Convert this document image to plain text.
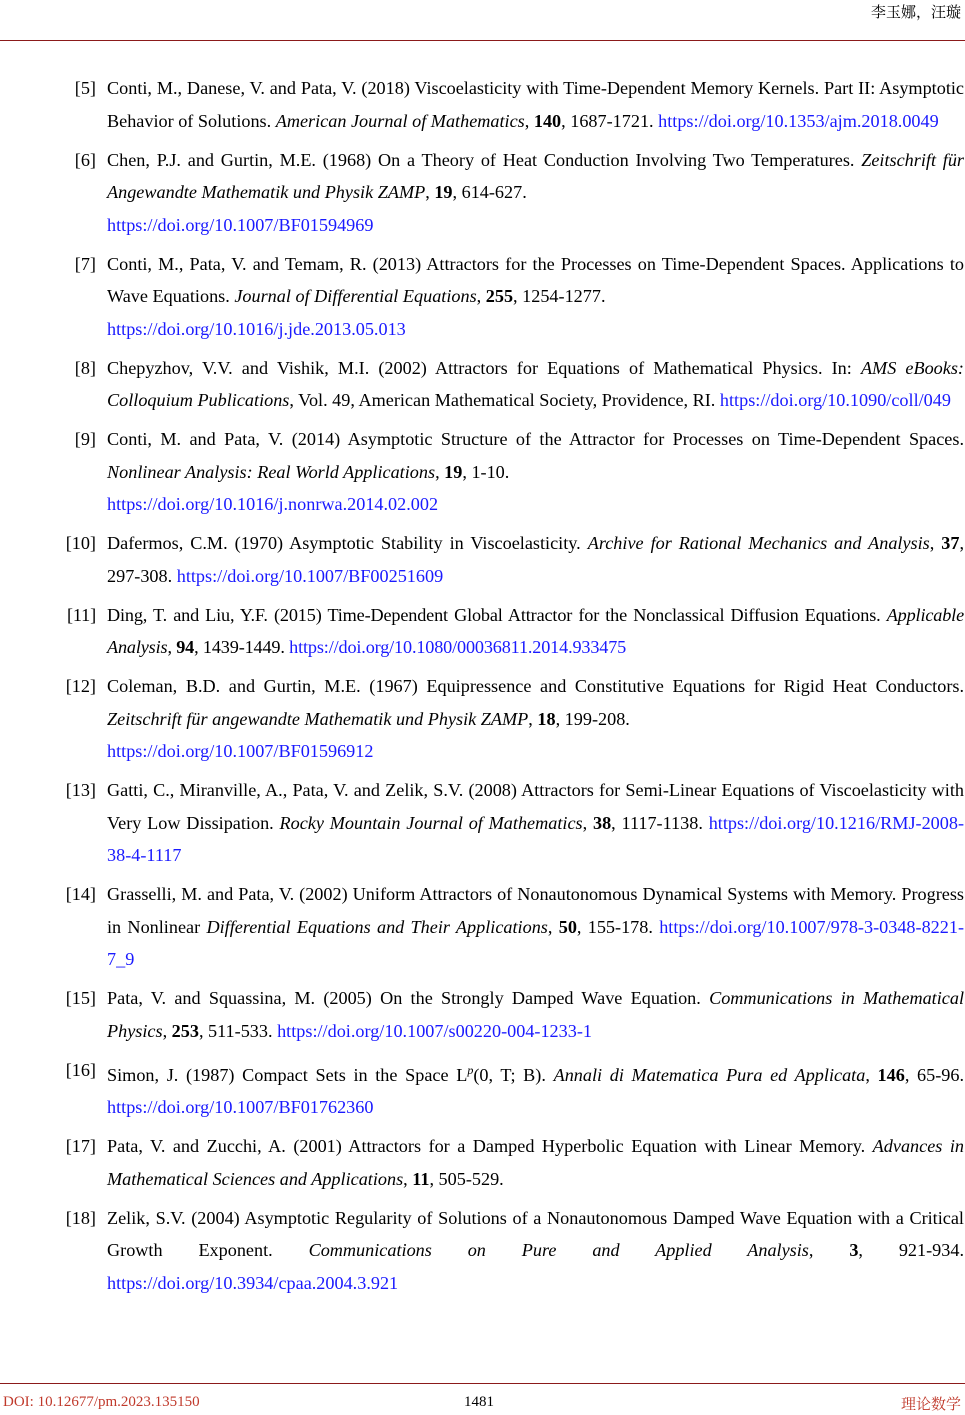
李玉娜，汪璇
[5] Conti, M., Danese, V. and Pata, V. (2018) Viscoelasticity with Time-Dependent Memory Kernels. Part II: Asymptotic Behavior of Solutions. American Journal of Mathematics, 140, 1687-1721. https://doi.org/10.1353/ajm.2018.0049
[6] Chen, P.J. and Gurtin, M.E. (1968) On a Theory of Heat Conduction Involving Two Temperatures. Zeitschrift für Angewandte Mathematik und Physik ZAMP, 19, 614-627.
https://doi.org/10.1007/BF01594969
[7] Conti, M., Pata, V. and Temam, R. (2013) Attractors for the Processes on Time-Dependent Spaces. Applications to Wave Equations. Journal of Differential Equations, 255, 1254-1277.
https://doi.org/10.1016/j.jde.2013.05.013
[8] Chepyzhov, V.V. and Vishik, M.I. (2002) Attractors for Equations of Mathematical Physics. In: AMS eBooks: Colloquium Publications, Vol. 49, American Mathematical Society, Providence, RI. https://doi.org/10.1090/coll/049
[9] Conti, M. and Pata, V. (2014) Asymptotic Structure of the Attractor for Processes on Time-Dependent Spaces. Nonlinear Analysis: Real World Applications, 19, 1-10.
https://doi.org/10.1016/j.nonrwa.2014.02.002
[10] Dafermos, C.M. (1970) Asymptotic Stability in Viscoelasticity. Archive for Rational Mechanics and Analysis, 37, 297-308. https://doi.org/10.1007/BF00251609
[11] Ding, T. and Liu, Y.F. (2015) Time-Dependent Global Attractor for the Nonclassical Diffusion Equations. Applicable Analysis, 94, 1439-1449. https://doi.org/10.1080/00036811.2014.933475
[12] Coleman, B.D. and Gurtin, M.E. (1967) Equipressence and Constitutive Equations for Rigid Heat Conductors. Zeitschrift für angewandte Mathematik und Physik ZAMP, 18, 199-208.
https://doi.org/10.1007/BF01596912
[13] Gatti, C., Miranville, A., Pata, V. and Zelik, S.V. (2008) Attractors for Semi-Linear Equations of Viscoelasticity with Very Low Dissipation. Rocky Mountain Journal of Mathematics, 38, 1117-1138. https://doi.org/10.1216/RMJ-2008-38-4-1117
[14] Grasselli, M. and Pata, V. (2002) Uniform Attractors of Nonautonomous Dynamical Systems with Memory. Progress in Nonlinear Differential Equations and Their Applications, 50, 155-178. https://doi.org/10.1007/978-3-0348-8221-7_9
[15] Pata, V. and Squassina, M. (2005) On the Strongly Damped Wave Equation. Communications in Mathematical Physics, 253, 511-533. https://doi.org/10.1007/s00220-004-1233-1
[16] Simon, J. (1987) Compact Sets in the Space $L^p(0$, T; B). Annali di Matematica Pura ed Applicata, 146, 65-96. https://doi.org/10.1007/BF01762360
[17] Pata, V. and Zucchi, A. (2001) Attractors for a Damped Hyperbolic Equation with Linear Memory. Advances in Mathematical Sciences and Applications, 11, 505-529.
[18] Zelik, S.V. (2004) Asymptotic Regularity of Solutions of a Nonautonomous Damped Wave Equation with a Critical Growth Exponent. Communications on Pure and Applied Analysis, 3, 921-934. https://doi.org/10.3934/cpaa.2004.3.921
DOI: 10.12677/pm.2023.135150	1481	理论数学
